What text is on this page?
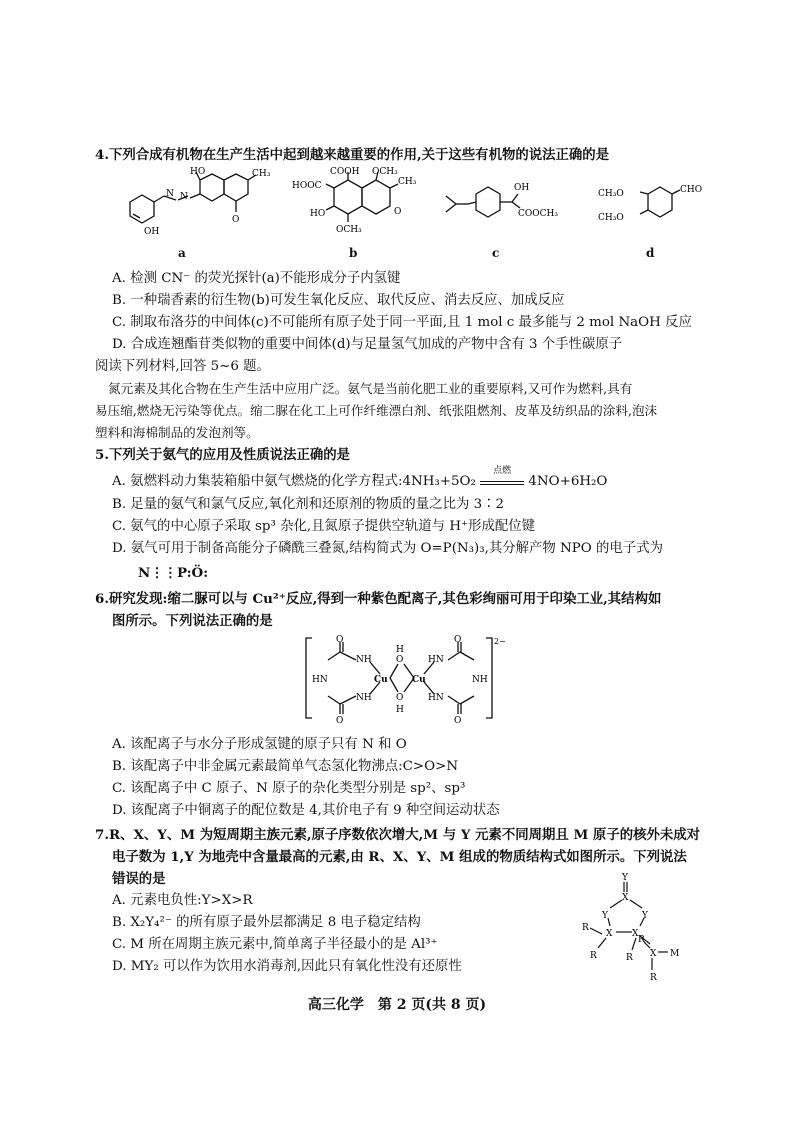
4.下列合成有机物在生产生活中起到越来越重要的作用,关于这些有机物的说法正确的是
N N
HO
OH
CH₃
O
a
COOH
HOOC
OCH₃
HO
OCH₃
CH₃
O
b
OH
COOCH₃
c
CH₃O
CH₃O
CHO
d
A. 检测 CN⁻ 的荧光探针(a)不能形成分子内氢键
B. 一种瑞香素的衍生物(b)可发生氧化反应、取代反应、消去反应、加成反应
C. 制取布洛芬的中间体(c)不可能所有原子处于同一平面,且 1 mol c 最多能与 2 mol NaOH 反应
D. 合成连翘酯苷类似物的重要中间体(d)与足量氢气加成的产物中含有 3 个手性碳原子
阅读下列材料,回答 5~6 题。
氮元素及其化合物在生产生活中应用广泛。氨气是当前化肥工业的重要原料,又可作为燃料,具有
易压缩,燃烧无污染等优点。缩二脲在化工上可作纤维漂白剂、纸张阻燃剂、皮革及纺织品的涂料,泡沫
塑料和海棉制品的发泡剂等。
5.下列关于氨气的应用及性质说法正确的是
A. 氨燃料动力集装箱船中氨气燃烧的化学方程式:4NH₃+5O₂
点燃
4NO+6H₂O
B. 足量的氨气和氯气反应,氧化剂和还原剂的物质的量之比为 3∶2
C. 氨气的中心原子采取 sp³ 杂化,且氮原子提供空轨道与 H⁺形成配位键
D. 氨气可用于制备高能分子磷酰三叠氮,结构简式为 O=P(N₃)₃,其分解产物 NPO 的电子式为
N⋮⋮P:Ö:
6.研究发现:缩二脲可以与 Cu²⁺反应,得到一种紫色配离子,其色彩绚丽可用于印染工业,其结构如
图所示。下列说法正确的是
O
O
O
O
NH
NH
HN	Cu	Cu
O
H
O
H
HN
HN
NH
2−
A. 该配离子与水分子形成氢键的原子只有 N 和 O
B. 该配离子中非金属元素最简单气态氢化物沸点:C>O>N
C. 该配离子中 C 原子、N 原子的杂化类型分别是 sp²、sp³
D. 该配离子中铜离子的配位数是 4,其价电子有 9 种空间运动状态
7.R、X、Y、M 为短周期主族元素,原子序数依次增大,M 与 Y 元素不同周期且 M 原子的核外未成对
电子数为 1,Y 为地壳中含量最高的元素,由 R、X、Y、M 组成的物质结构式如图所示。下列说法
错误的是
A. 元素电负性:Y>X>R
B. X₂Y₄²⁻ 的所有原子最外层都满足 8 电子稳定结构
C. M 所在周期主族元素中,简单离子半径最小的是 Al³⁺
D. MY₂ 可以作为饮用水消毒剂,因此只有氧化性没有还原性
Y
X
Y	Y
X X
X M
R
R	R
R
R
高三化学　第 2 页(共 8 页)
